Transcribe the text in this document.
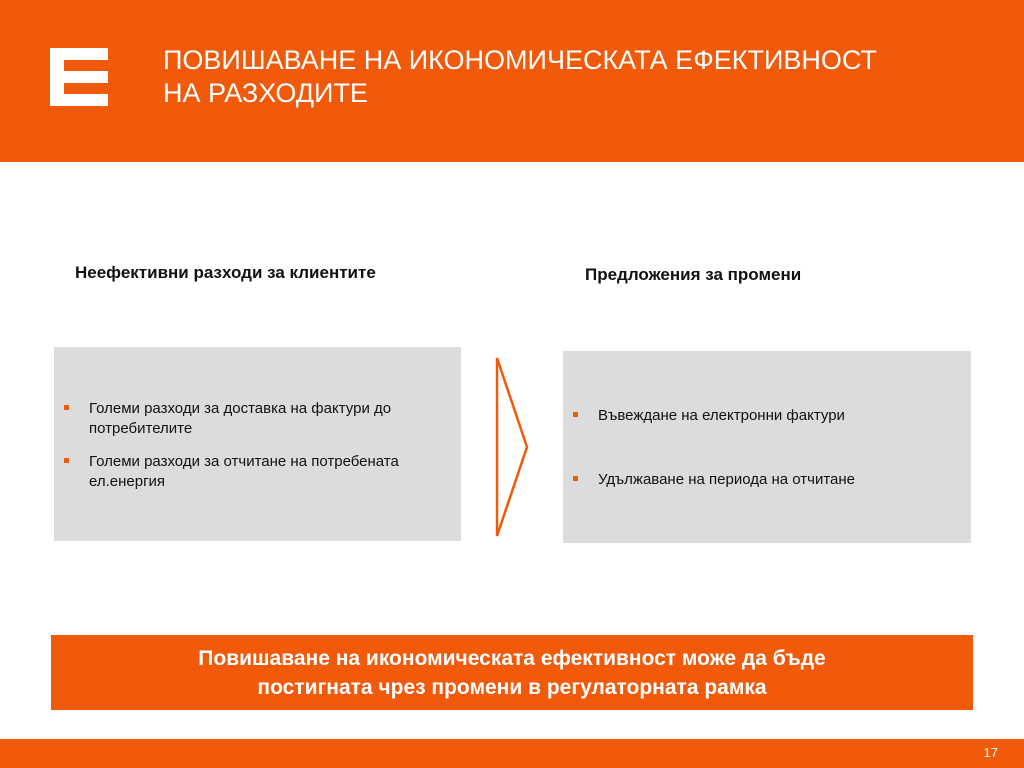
ПОВИШАВАНЕ НА ИКОНОМИЧЕСКАТА ЕФЕКТИВНОСТ
НА РАЗХОДИТЕ
Неефективни разходи за клиентите	Предложения за промени
Големи разходи за доставка на фактури до потребителите
Големи разходи за отчитане на потребената ел.енергия
Въвеждане на електронни фактури
Удължаване на периода на отчитане
Повишаване на икономическата ефективност може да бъде
постигната чрез промени в регулаторната рамка
17
